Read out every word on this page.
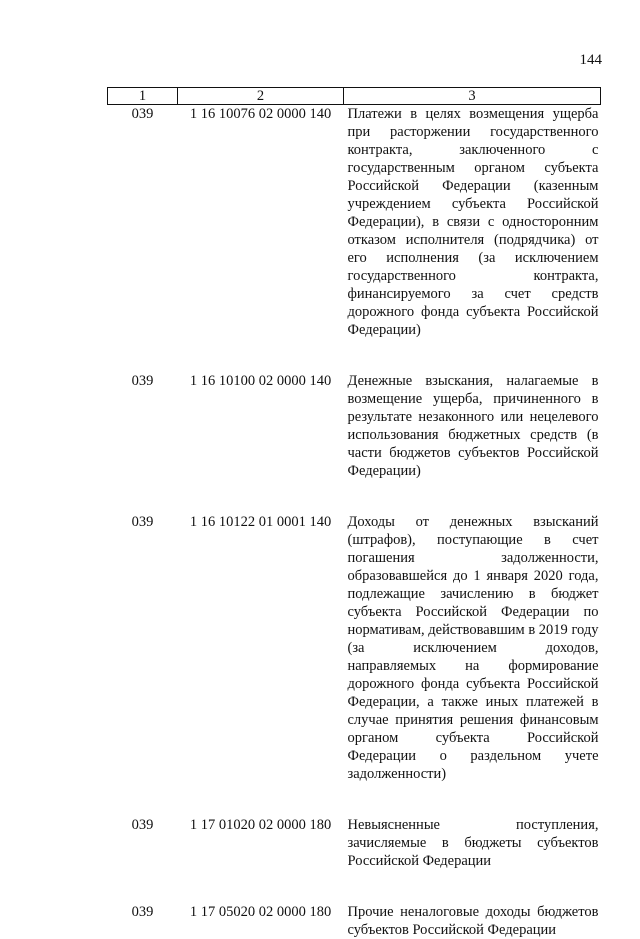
144
1	2	3
039	1 16 10076 02 0000 140	Платежи в целях возмещения ущерба при расторжении государственного контракта, заключенного с государственным органом субъекта Российской Федерации (казенным учреждением субъекта Российской Федерации), в связи с односторонним отказом исполнителя (подрядчика) от его исполнения (за исключением государственного контракта, финансируемого за счет средств дорожного фонда субъекта Российской Федерации)
039	1 16 10100 02 0000 140	Денежные взыскания, налагаемые в возмещение ущерба, причиненного в результате незаконного или нецелевого использования бюджетных средств (в части бюджетов субъектов Российской Федерации)
039	1 16 10122 01 0001 140	Доходы от денежных взысканий (штрафов), поступающие в счет погашения задолженности, образовавшейся до 1 января 2020 года, подлежащие зачислению в бюджет субъекта Российской Федерации по нормативам, действовавшим в 2019 году (за исключением доходов, направляемых на формирование дорожного фонда субъекта Российской Федерации, а также иных платежей в случае принятия решения финансовым органом субъекта Российской Федерации о раздельном учете задолженности)
039	1 17 01020 02 0000 180	Невыясненные поступления, зачисляемые в бюджеты субъектов Российской Федерации
039	1 17 05020 02 0000 180	Прочие неналоговые доходы бюджетов субъектов Российской Федерации
